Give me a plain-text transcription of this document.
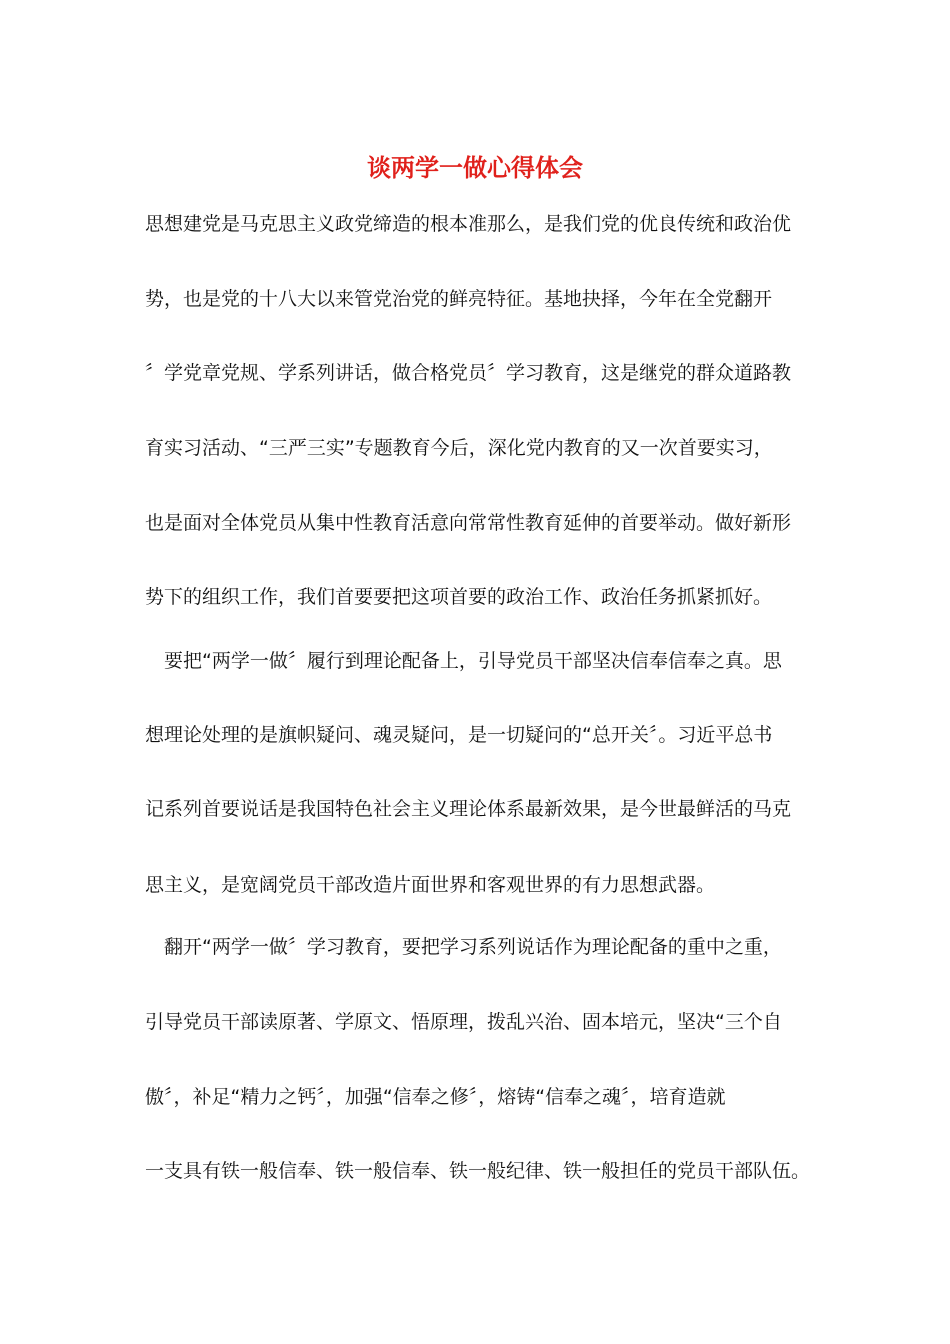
谈两学一做心得体会
思想建党是马克思主义政党缔造的根本准那么，是我们党的优良传统和政治优
势，也是党的十八大以来管党治党的鲜亮特征。基地抉择，今年在全党翻开
〞学党章党规、学系列讲话，做合格党员〞学习教育，这是继党的群众道路教
育实习活动、“三严三实”专题教育今后，深化党内教育的又一次首要实习，
也是面对全体党员从集中性教育活意向常常性教育延伸的首要举动。做好新形
势下的组织工作，我们首要要把这项首要的政治工作、政治任务抓紧抓好。
　要把“两学一做〞履行到理论配备上，引导党员干部坚决信奉信奉之真。思
想理论处理的是旗帜疑问、魂灵疑问，是一切疑问的“总开关〞。习近平总书
记系列首要说话是我国特色社会主义理论体系最新效果，是今世最鲜活的马克
思主义，是宽阔党员干部改造片面世界和客观世界的有力思想武器。
　翻开“两学一做〞学习教育，要把学习系列说话作为理论配备的重中之重，
引导党员干部读原著、学原文、悟原理，拨乱兴治、固本培元，坚决“三个自
傲〞，补足“精力之钙〞，加强“信奉之修〞，熔铸“信奉之魂〞，培育造就
一支具有铁一般信奉、铁一般信奉、铁一般纪律、铁一般担任的党员干部队伍。
